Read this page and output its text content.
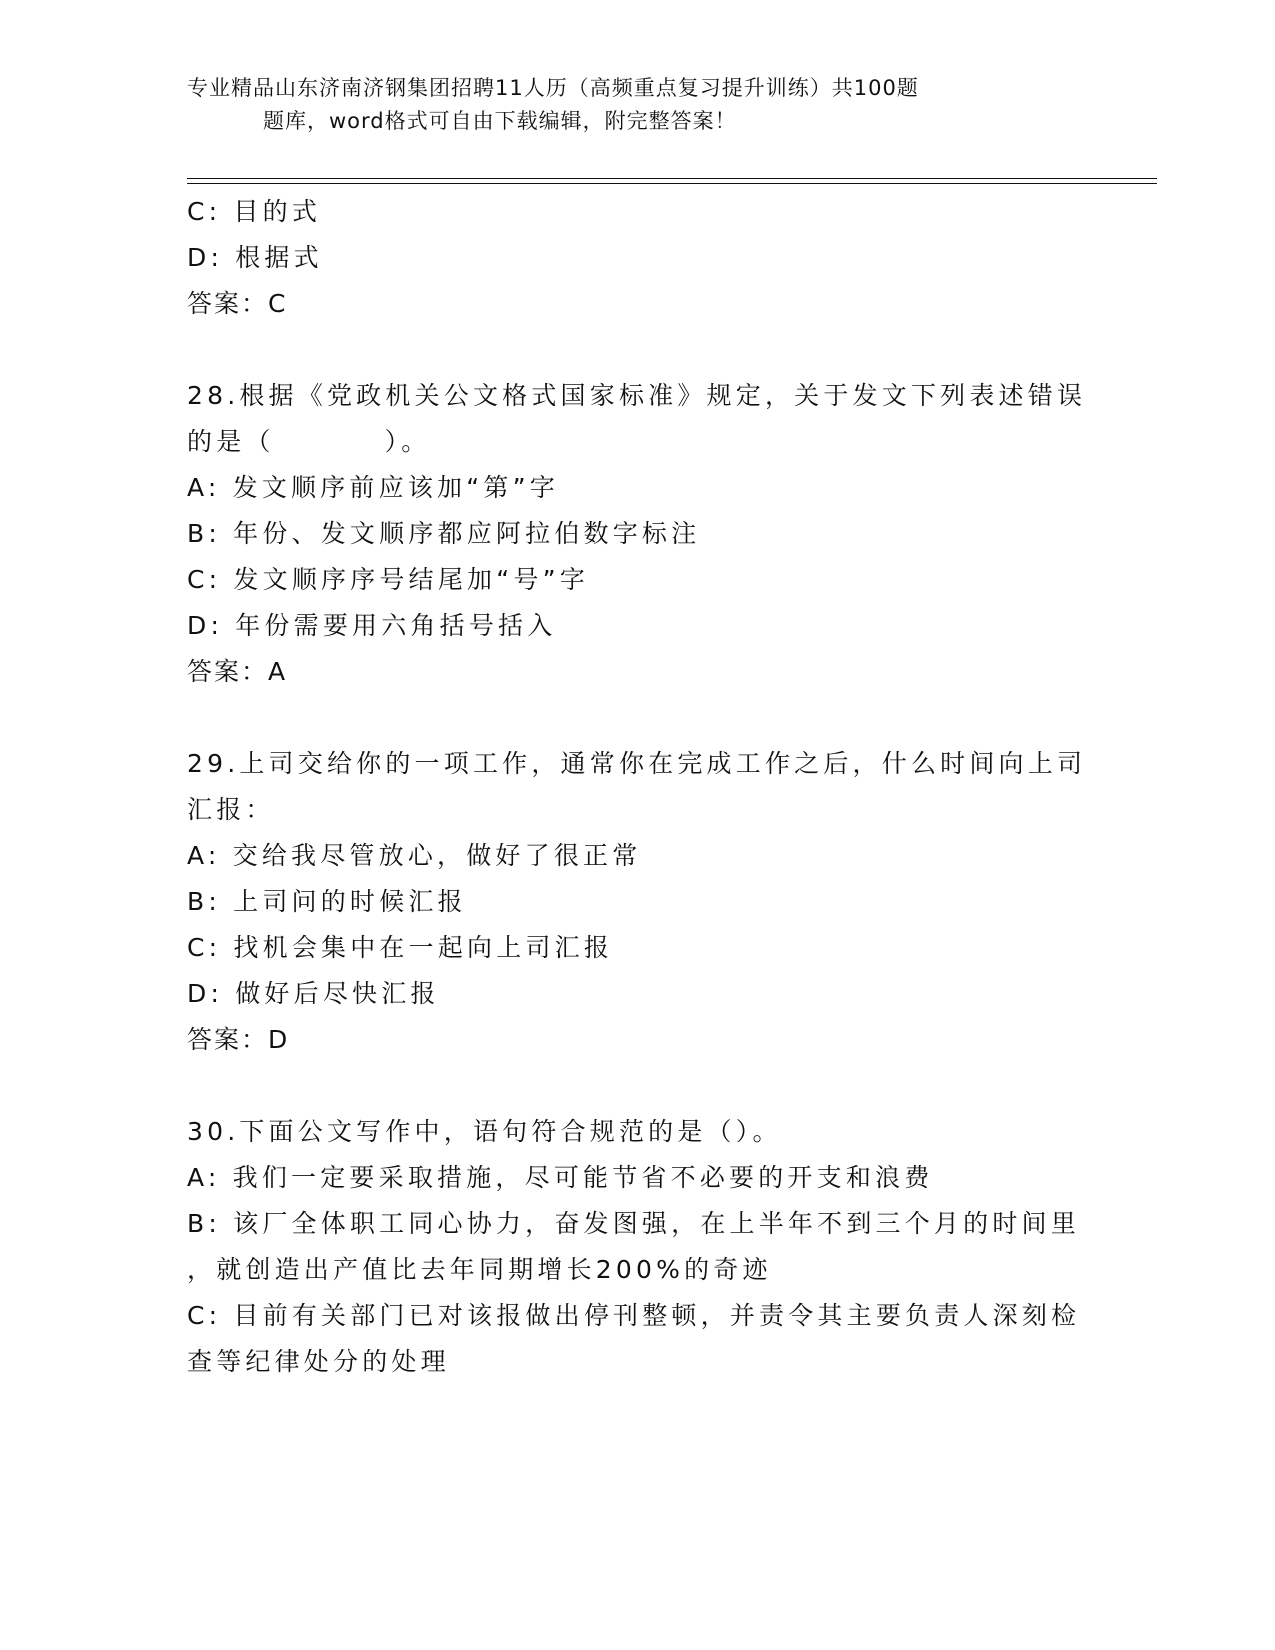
专业精品山东济南济钢集团招聘11人历（高频重点复习提升训练）共100题
题库，word格式可自由下载编辑，附完整答案！
C: 目的式
D: 根据式
答案：C
28.根据《党政机关公文格式国家标准》规定，关于发文下列表述错误
的是（	）。
A: 发文顺序前应该加“第”字
B: 年份、发文顺序都应阿拉伯数字标注
C: 发文顺序序号结尾加“号”字
D: 年份需要用六角括号括入
答案：A
29.上司交给你的一项工作，通常你在完成工作之后，什么时间向上司
汇报：
A: 交给我尽管放心，做好了很正常
B: 上司问的时候汇报
C: 找机会集中在一起向上司汇报
D: 做好后尽快汇报
答案：D
30.下面公文写作中，语句符合规范的是（）。
A: 我们一定要采取措施，尽可能节省不必要的开支和浪费
B: 该厂全体职工同心协力，奋发图强，在上半年不到三个月的时间里
，就创造出产值比去年同期增长200%的奇迹
C: 目前有关部门已对该报做出停刊整顿，并责令其主要负责人深刻检
查等纪律处分的处理
